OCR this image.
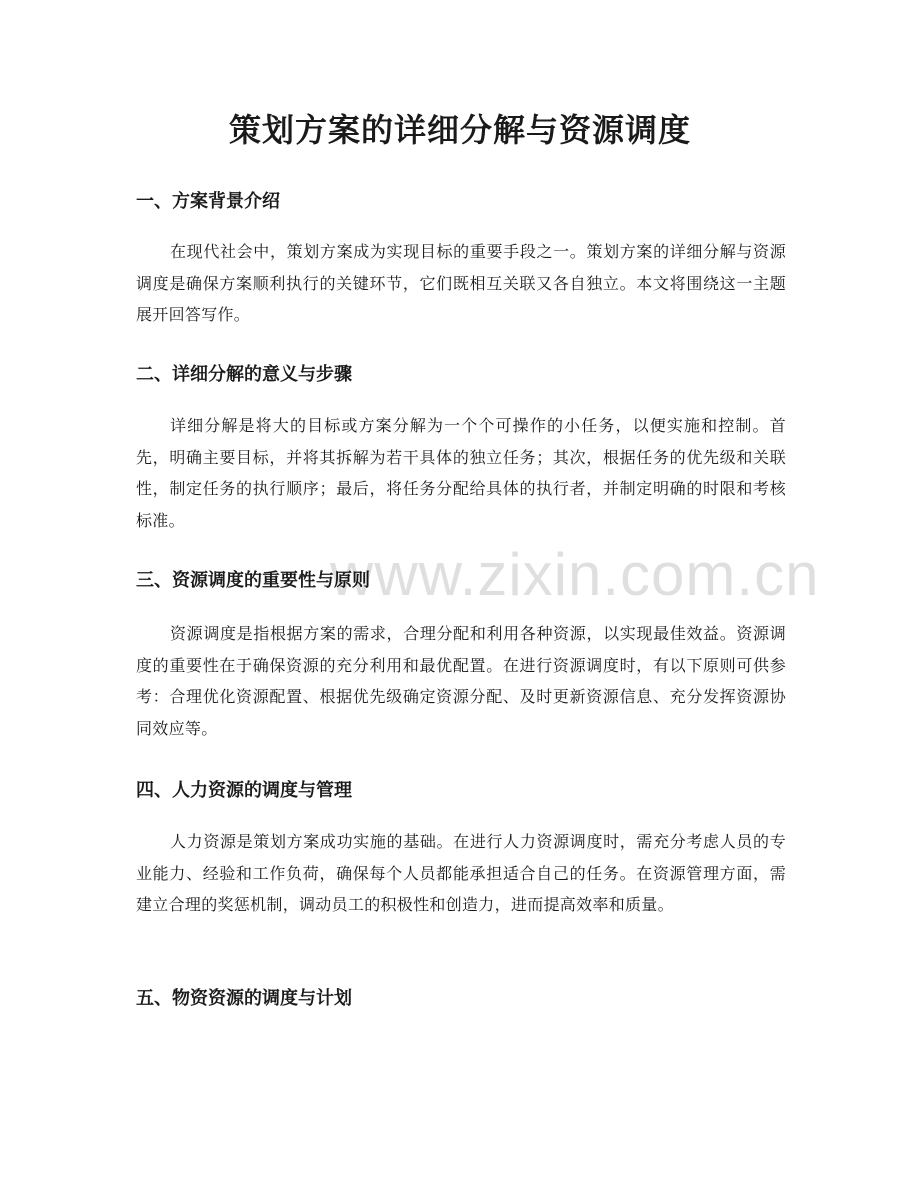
策划方案的详细分解与资源调度
一、方案背景介绍

在现代社会中，策划方案成为实现目标的重要手段之一。策划方案的详细分解与资源调度是确保方案顺利执行的关键环节，它们既相互关联又各自独立。本文将围绕这一主题展开回答写作。

二、详细分解的意义与步骤

详细分解是将大的目标或方案分解为一个个可操作的小任务，以便实施和控制。首先，明确主要目标，并将其拆解为若干具体的独立任务；其次，根据任务的优先级和关联性，制定任务的执行顺序；最后，将任务分配给具体的执行者，并制定明确的时限和考核标准。

三、资源调度的重要性与原则

资源调度是指根据方案的需求，合理分配和利用各种资源，以实现最佳效益。资源调度的重要性在于确保资源的充分利用和最优配置。在进行资源调度时，有以下原则可供参考：合理优化资源配置、根据优先级确定资源分配、及时更新资源信息、充分发挥资源协同效应等。

四、人力资源的调度与管理

人力资源是策划方案成功实施的基础。在进行人力资源调度时，需充分考虑人员的专业能力、经验和工作负荷，确保每个人员都能承担适合自己的任务。在资源管理方面，需建立合理的奖惩机制，调动员工的积极性和创造力，进而提高效率和质量。

五、物资资源的调度与计划
www.zixin.com.cn
